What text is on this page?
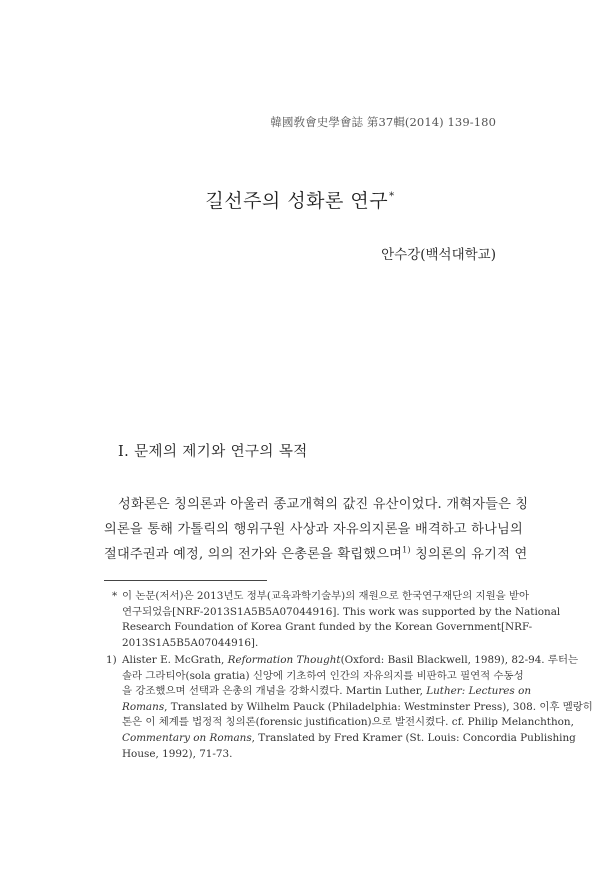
韓國敎會史學會誌 第37輯(2014) 139-180
길선주의 성화론 연구*
안수강(백석대학교)
Ⅰ. 문제의 제기와 연구의 목적
성화론은 칭의론과 아울러 종교개혁의 값진 유산이었다. 개혁자들은 칭
의론을 통해 가톨릭의 행위구원 사상과 자유의지론을 배격하고 하나님의
절대주권과 예정, 의의 전가와 은총론을 확립했으며$^{1)}$ 칭의론의 유기적 연
* 이 논문(저서)은 2013년도 정부(교육과학기술부)의 재원으로 한국연구재단의 지원을 받아
연구되었음[NRF-2013S1A5B5A07044916]. This work was supported by the National
Research Foundation of Korea Grant funded by the Korean Government[NRF-
2013S1A5B5A07044916].
1) Alister E. McGrath, Reformation Thought(Oxford: Basil Blackwell, 1989), 82-94. 루터는
솔라 그라티아(sola gratia) 신앙에 기초하여 인간의 자유의지를 비판하고 필연적 수동성
을 강조했으며 선택과 은총의 개념을 강화시켰다. Martin Luther, Luther: Lectures on
Romans, Translated by Wilhelm Pauck (Philadelphia: Westminster Press), 308. 이후 멜랑히
톤은 이 체계를 법정적 칭의론(forensic justification)으로 발전시켰다. cf. Philip Melanchthon,
Commentary on Romans, Translated by Fred Kramer (St. Louis: Concordia Publishing
House, 1992), 71-73.
